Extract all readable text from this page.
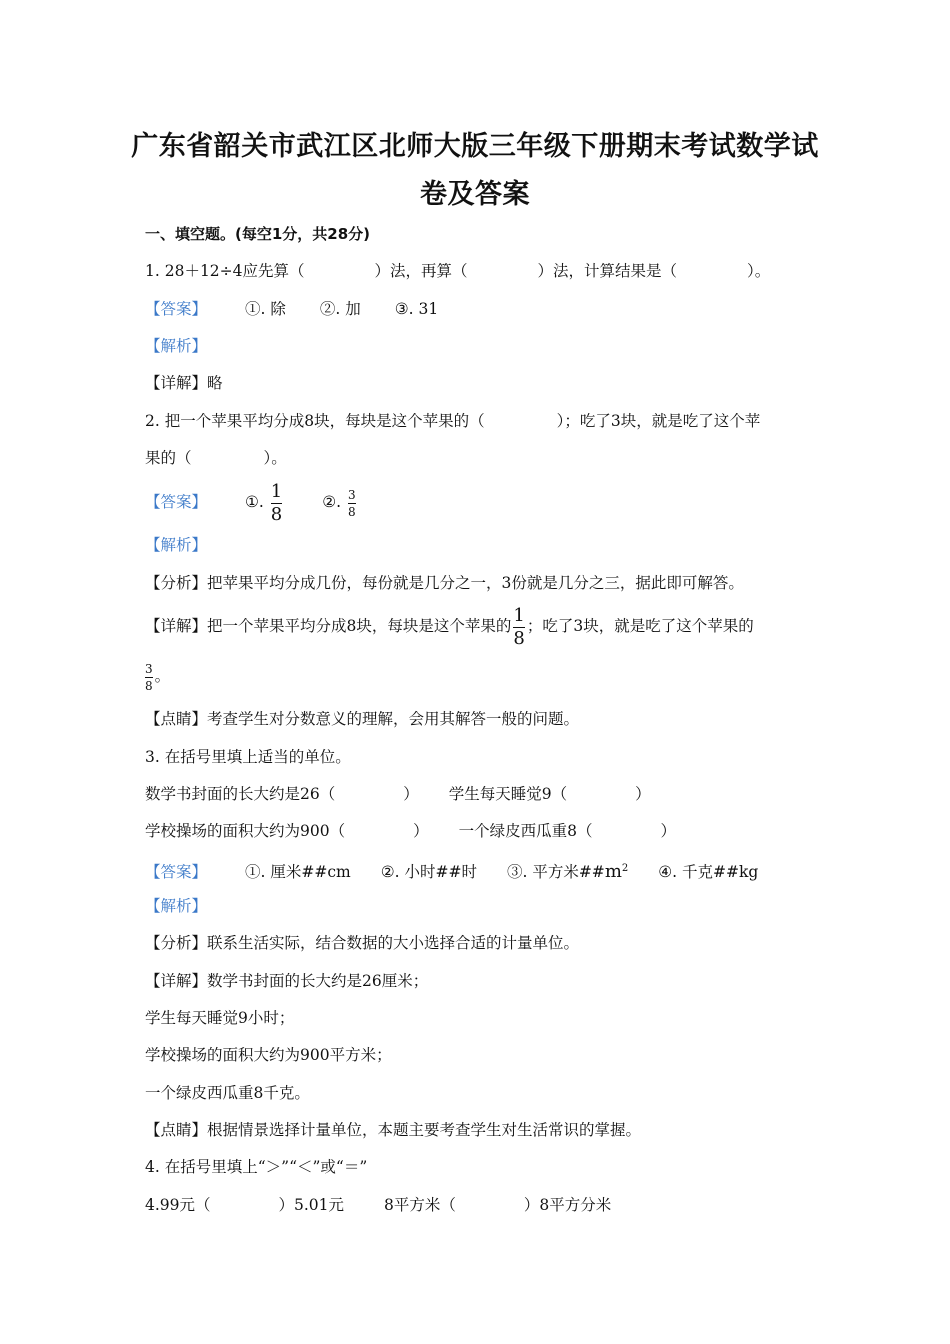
广东省韶关市武江区北师大版三年级下册期末考试数学试
卷及答案
一、填空题。(每空1分，共28分)
1. 28＋12÷4应先算（	）法，再算（	）法，计算结果是（	）。
【答案】 ①. 除 ②. 加 ③. 31
【解析】
【详解】略
2. 把一个苹果平均分成8块，每块是这个苹果的（	）；吃了3块，就是吃了这个苹
果的（	）。
【答案】 ①. $\frac{1}{8}$	②. $\frac{3}{8}$
【解析】
【分析】把苹果平均分成几份，每份就是几分之一，3份就是几分之三，据此即可解答。
【详解】把一个苹果平均分成8块，每块是这个苹果的 $\frac{1}{8}$ ；吃了3块，就是吃了这个苹果的
$\frac{3}{8}$ 。
【点睛】考查学生对分数意义的理解，会用其解答一般的问题。
3. 在括号里填上适当的单位。
数学书封面的长大约是26（	） 学生每天睡觉9（	）
学校操场的面积大约为900（	） 一个绿皮西瓜重8（	）
【答案】 ①. 厘米##cm ②. 小时##时 ③. 平方米$\#\#m^2$ ④. 千克##kg
【解析】
【分析】联系生活实际，结合数据的大小选择合适的计量单位。
【详解】数学书封面的长大约是26厘米；
学生每天睡觉9小时；
学校操场的面积大约为900平方米；
一个绿皮西瓜重8千克。
【点睛】根据情景选择计量单位，本题主要考查学生对生活常识的掌握。
4. 在括号里填上“＞”“＜”或“＝”
4.99元（	）5.01元	8平方米（	）8平方分米
